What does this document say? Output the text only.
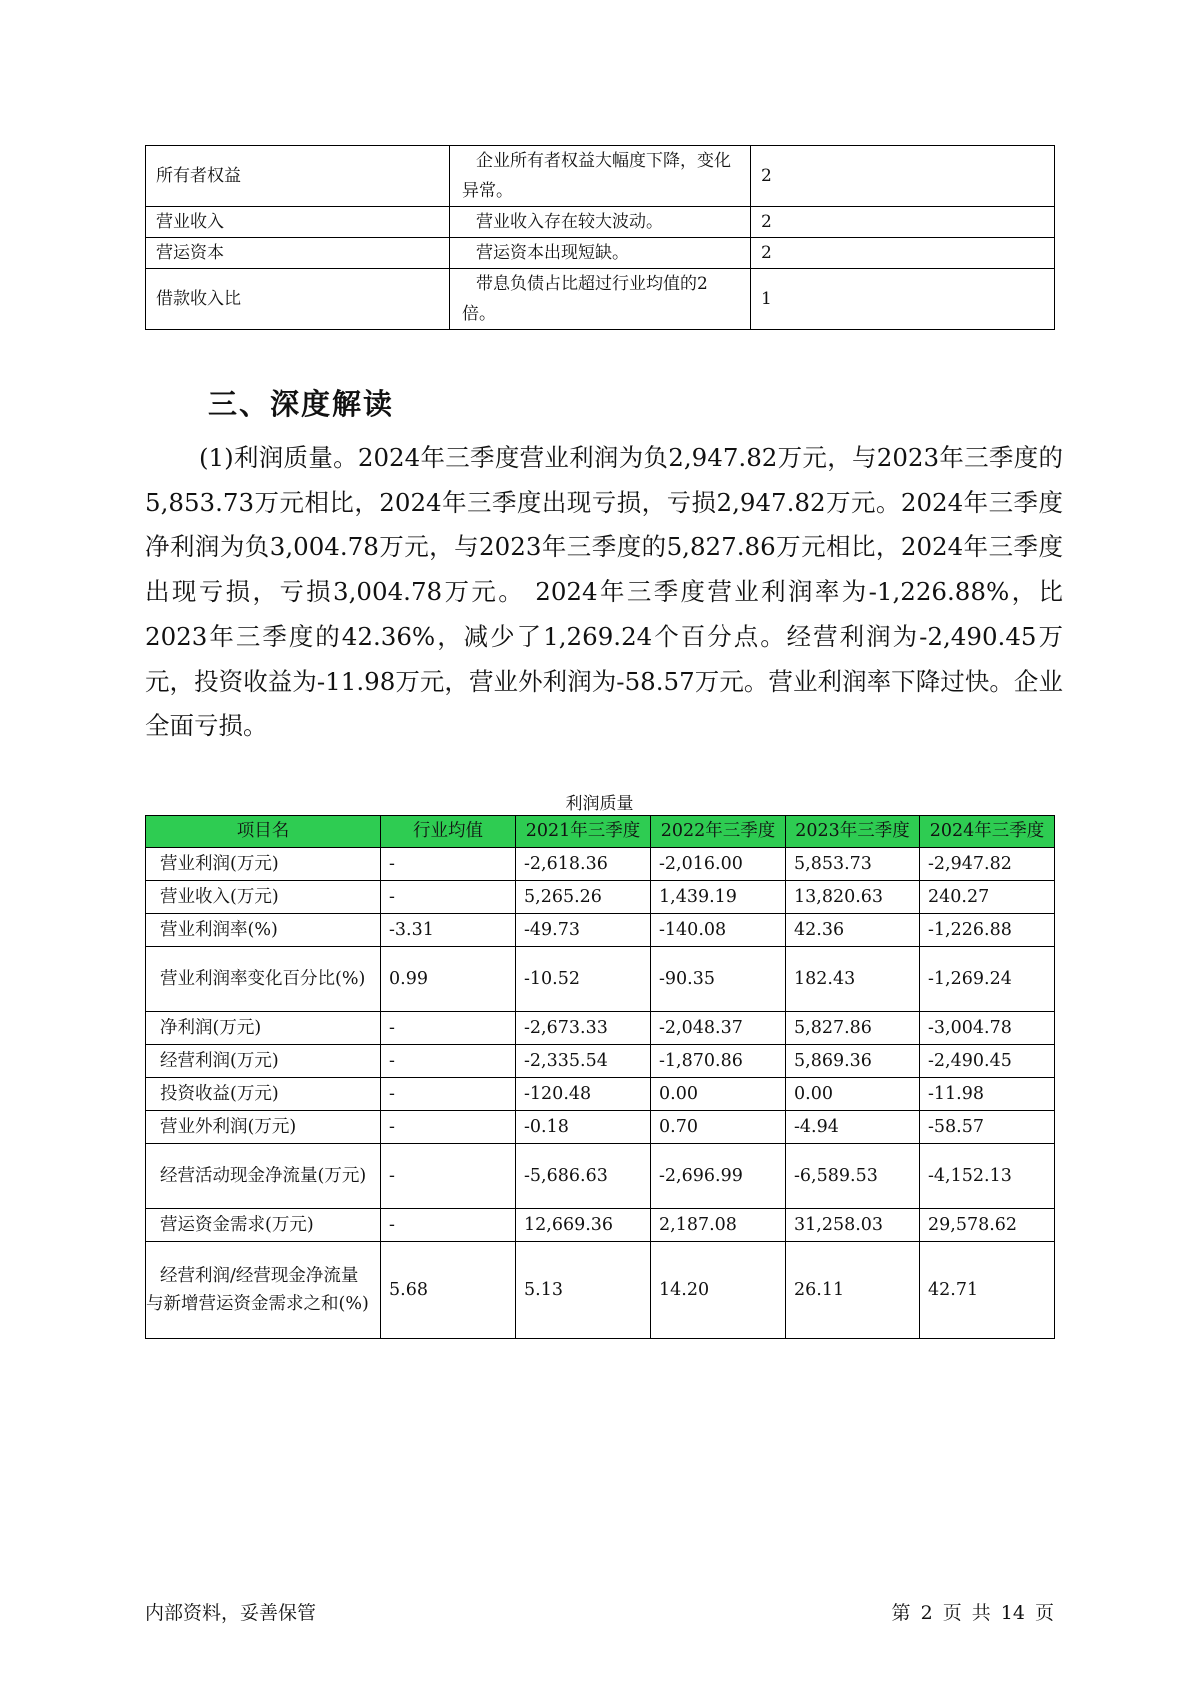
所有者权益	企业所有者权益大幅度下降，变化异常。	2
营业收入	营业收入存在较大波动。	2
营运资本	营运资本出现短缺。	2
借款收入比	带息负债占比超过行业均值的2倍。	1
三、深度解读

(1)利润质量。2024年三季度营业利润为负2,947.82万元，与2023年三季度的5,853.73万元相比，2024年三季度出现亏损，亏损2,947.82万元。2024年三季度净利润为负3,004.78万元，与2023年三季度的5,827.86万元相比，2024年三季度出现亏损，亏损3,004.78万元。 2024年三季度营业利润率为-1,226.88%，比2023年三季度的42.36%，减少了1,269.24个百分点。经营利润为-2,490.45万元，投资收益为-11.98万元，营业外利润为-58.57万元。营业利润率下降过快。企业全面亏损。

利润质量
项目名	行业均值	2021年三季度	2022年三季度	2023年三季度	2024年三季度
营业利润(万元)	-	-2,618.36	-2,016.00	5,853.73	-2,947.82
营业收入(万元)	-	5,265.26	1,439.19	13,820.63	240.27
营业利润率(%)	-3.31	-49.73	-140.08	42.36	-1,226.88
营业利润率变化百分比(%)	0.99	-10.52	-90.35	182.43	-1,269.24
净利润(万元)	-	-2,673.33	-2,048.37	5,827.86	-3,004.78
经营利润(万元)	-	-2,335.54	-1,870.86	5,869.36	-2,490.45
投资收益(万元)	-	-120.48	0.00	0.00	-11.98
营业外利润(万元)	-	-0.18	0.70	-4.94	-58.57
经营活动现金净流量(万元)	-	-5,686.63	-2,696.99	-6,589.53	-4,152.13
营运资金需求(万元)	-	12,669.36	2,187.08	31,258.03	29,578.62
经营利润/经营现金净流量与新增营运资金需求之和(%)	5.68	5.13	14.20	26.11	42.71
内部资料，妥善保管	第 2 页 共 14 页
